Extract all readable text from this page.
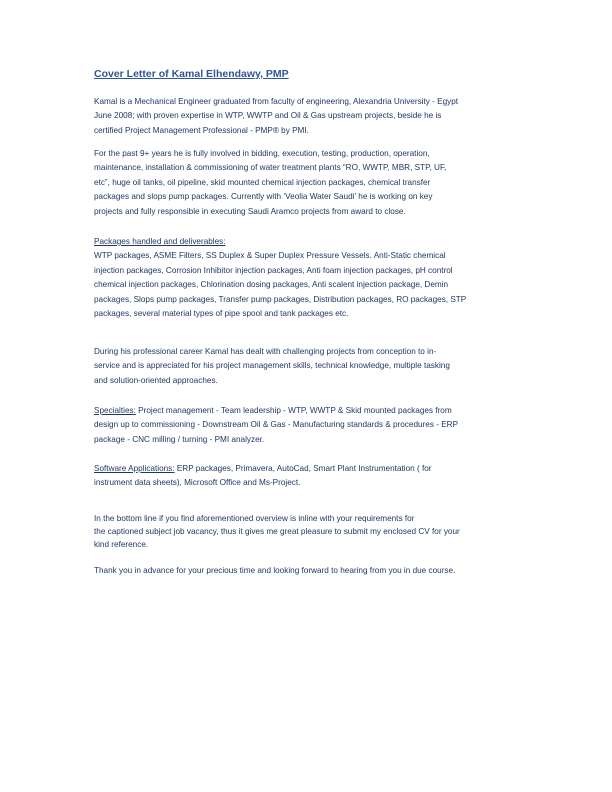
Cover Letter of Kamal Elhendawy, PMP

Kamal is a Mechanical Engineer graduated from faculty of engineering, Alexandria University - Egypt
June 2008; with proven expertise in WTP, WWTP and Oil & Gas upstream projects, beside he is
certified Project Management Professional - PMP® by PMI.

For the past 9+ years he is fully involved in bidding, execution, testing, production, operation,
maintenance, installation & commissioning of water treatment plants “RO, WWTP, MBR, STP, UF,
etc”, huge oil tanks, oil pipeline, skid mounted chemical injection packages, chemical transfer
packages and slops pump packages. Currently with ‘Veolia Water Saudi’ he is working on key
projects and fully responsible in executing Saudi Aramco projects from award to close.

Packages handled and deliverables:
WTP packages, ASME Filters, SS Duplex & Super Duplex Pressure Vessels. Anti-Static chemical
injection packages, Corrosion Inhibitor injection packages, Anti foam injection packages, pH control
chemical injection packages, Chlorination dosing packages, Anti scalent injection package, Demin
packages, Slops pump packages, Transfer pump packages, Distribution packages, RO packages, STP
packages, several material types of pipe spool and tank packages etc.

During his professional career Kamal has dealt with challenging projects from conception to in-
service and is appreciated for his project management skills, technical knowledge, multiple tasking
and solution-oriented approaches.

Specialties: Project management - Team leadership - WTP, WWTP & Skid mounted packages from
design up to commissioning - Downstream Oil & Gas - Manufacturing standards & procedures - ERP
package - CNC milling / turning - PMI analyzer.

Software Applications: ERP packages, Primavera, AutoCad, Smart Plant Instrumentation ( for
instrument data sheets), Microsoft Office and Ms-Project.

In the bottom line if you find aforementioned overview is inline with your requirements for
the captioned subject job vacancy, thus it gives me great pleasure to submit my enclosed CV for your
kind reference.

Thank you in advance for your precious time and looking forward to hearing from you in due course.
